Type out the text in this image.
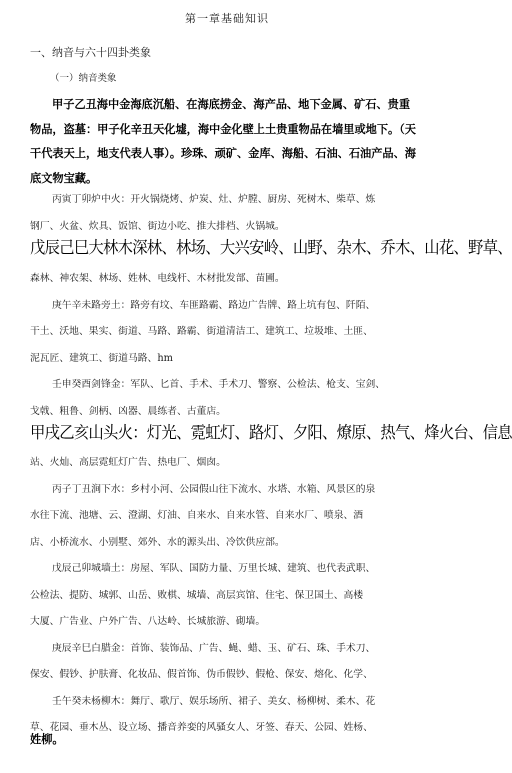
第一章基础知识
一、纳音与六十四卦类象
（一）纳音类象
甲子乙丑海中金海底沉船、在海底捞金、海产品、地下金属、矿石、贵重
物品，盗墓：甲子化辛丑天化墟，海中金化壁上土贵重物品在墙里或地下。（天
干代表天上，地支代表人事）。珍珠、顽矿、金库、海船、石油、石油产品、海
底文物宝藏。
丙寅丁卯炉中火：开火锅烧烤、炉炭、灶、炉膛、厨房、死树木、柴草、炼
钢厂、火盆、炊具、饭馆、街边小吃、推大排档、火锅城。
戊辰己巳大林木深林、林场、大兴安岭、山野、杂木、乔木、山花、野草、
森林、神农架、林场、姓林、电线杆、木材批发部、苗圃。
庚午辛未路旁土：路旁有坟、车匪路霸、路边广告牌、路上坑有包、阡陌、
干土、沃地、果实、街道、马路、路霸、街道清洁工、建筑工、垃圾堆、土匪、
泥瓦匠、建筑工、街道马路、hm
壬申癸酉剑锋金：军队、匕首、手术、手术刀、警察、公检法、枪支、宝剑、
戈戟、粗鲁、剑柄、凶器、晨练者、古董店。
甲戌乙亥山头火：灯光、霓虹灯、路灯、夕阳、燎原、热气、烽火台、信息
站、火灿、高层霓虹灯广告、热电厂、烟囱。
丙子丁丑涧下水：乡村小河、公园假山往下流水、水塔、水箱、风景区的泉
水往下流、池塘、云、澄湖、灯油、自来水、自来水管、自来水厂、喷泉、酒
店、小桥流水、小别墅、郊外、水的源头出、冷饮供应部。
戊辰己卯城墙土：房屋、军队、国防力量、万里长城、建筑、也代表武职、
公检法、提防、城郭、山岳、败棋、城墙、高层宾馆、住宅、保卫国土、高楼
大厦、广告业、户外广告、八达岭、长城旅游、砌墙。
庚辰辛巳白腊金：首饰、装饰品、广告、蝇、蜡、玉、矿石、珠、手术刀、
保安、假钞、护肤膏、化妆品、假首饰、伪币假钞、假枪、保安、熔化、化学、
壬午癸未杨柳木：舞厅、歌厅、娱乐场所、裙子、美女、杨柳树、柔木、花
草、花园、垂木丛、设立场、播音养娈的风骚女人、牙签、春天、公园、姓杨、
姓柳。
